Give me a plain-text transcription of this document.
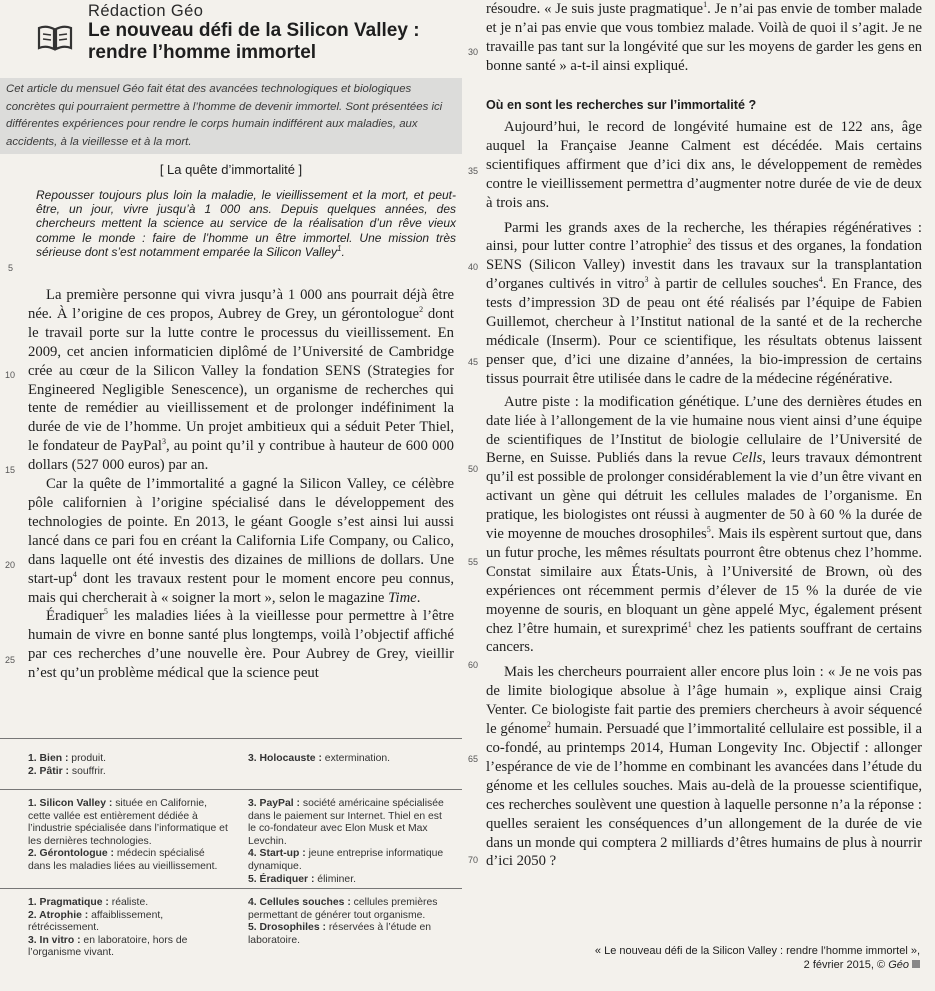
Rédaction Géo
Le nouveau défi de la Silicon Valley :
rendre l’homme immortel

Cet article du mensuel Géo fait état des avancées technologiques et biologiques concrètes qui pourraient permettre à l’homme de devenir immortel. Sont présentées ici différentes expériences pour rendre le corps humain indifférent aux maladies, aux accidents, à la vieillesse et à la mort.

[ La quête d’immortalité ]

Repousser toujours plus loin la maladie, le vieillissement et la mort, et peut-être, un jour, vivre jusqu’à 1 000 ans. Depuis quelques années, des chercheurs mettent la science au service de la réalisation d’un rêve vieux comme le monde : faire de l’homme un être immortel. Une mission très sérieuse dont s’est notamment emparée la Silicon Valley$^1$.

5
10
15
20
25
30
35
40
45
50
55
60
65
70

La première personne qui vivra jusqu’à 1 000 ans pourrait déjà être née. À l’origine de ces propos, Aubrey de Grey, un gérontologue$^2$ dont le travail porte sur la lutte contre le processus du vieillissement. En 2009, cet ancien informaticien diplômé de l’Université de Cambridge crée au cœur de la Silicon Valley la fondation SENS (Strategies for Engineered Negligible Senescence), un organisme de recherches qui tente de remédier au vieillissement et de prolonger indéfiniment la durée de vie de l’homme. Un projet ambitieux qui a séduit Peter Thiel, le fondateur de PayPal$^3$, au point qu’il y contribue à hauteur de 600 000 dollars (527 000 euros) par an.

Car la quête de l’immortalité a gagné la Silicon Valley, ce célèbre pôle californien à l’origine spécialisé dans le développement des technologies de pointe. En 2013, le géant Google s’est ainsi lui aussi lancé dans ce pari fou en créant la California Life Company, ou Calico, dans laquelle ont été investis des dizaines de millions de dollars. Une start-$up^4$ dont les travaux restent pour le moment encore peu connus, mais qui chercherait à « soigner la mort », selon le magazine Time.

Éradiquer$^5$ les maladies liées à la vieillesse pour permettre à l’être humain de vivre en bonne santé plus longtemps, voilà l’objectif affiché par ces recherches d’une nouvelle ère. Pour Aubrey de Grey, vieillir n’est qu’un problème médical que la science peut

1. Bien : produit.
2. Pâtir : souffrir.
3. Holocauste : extermination.
1. Silicon Valley : située en Californie, cette vallée est entièrement dédiée à l’industrie spécialisée dans l’informatique et les dernières technologies.
2. Gérontologue : médecin spécialisé dans les maladies liées au vieillissement.
3. PayPal : société américaine spécialisée dans le paiement sur Internet. Thiel en est le co-fondateur avec Elon Musk et Max Levchin.
4. Start-up : jeune entreprise informatique dynamique.
5. Éradiquer : éliminer.
1. Pragmatique : réaliste.
2. Atrophie : affaiblissement, rétrécissement.
3. In vitro : en laboratoire, hors de l’organisme vivant.
4. Cellules souches : cellules premières permettant de générer tout organisme.
5. Drosophiles : réservées à l’étude en laboratoire.

résoudre. « Je suis juste pragmatique$^1$. Je n’ai pas envie de tomber malade et je n’ai pas envie que vous tombiez malade. Voilà de quoi il s’agit. Je ne travaille pas tant sur la longévité que sur les moyens de garder les gens en bonne santé » a-t-il ainsi expliqué.

Où en sont les recherches sur l’immortalité ?

Aujourd’hui, le record de longévité humaine est de 122 ans, âge auquel la Française Jeanne Calment est décédée. Mais certains scientifiques affirment que d’ici dix ans, le développement de remèdes contre le vieillissement permettra d’augmenter notre durée de vie de deux à trois ans.

Parmi les grands axes de la recherche, les thérapies régénératives : ainsi, pour lutter contre l’atrophie$^2$ des tissus et des organes, la fondation SENS (Silicon Valley) investit dans les travaux sur la transplantation d’organes cultivés in vitro$^3$ à partir de cellules souches$^4$. En France, des tests d’impression 3D de peau ont été réalisés par l’équipe de Fabien Guillemot, chercheur à l’Institut national de la santé et de la recherche médicale (Inserm). Pour ce scientifique, les résultats obtenus laissent penser que, d’ici une dizaine d’années, la bio-impression de certains tissus pourrait être utilisée dans le cadre de la médecine régénérative.

Autre piste : la modification génétique. L’une des dernières études en date liée à l’allongement de la vie humaine nous vient ainsi d’une équipe de scientifiques de l’Institut de biologie cellulaire de l’Université de Berne, en Suisse. Publiés dans la revue Cells, leurs travaux démontrent qu’il est possible de prolonger considérablement la vie d’un être vivant en activant un gène qui détruit les cellules malades de l’organisme. En pratique, les biologistes ont réussi à augmenter de 50 à 60 % la durée de vie moyenne de mouches drosophiles$^5$. Mais ils espèrent surtout que, dans un futur proche, les mêmes résultats pourront être obtenus chez l’homme. Constat similaire aux États-Unis, à l’Université de Brown, où des expériences ont récemment permis d’élever de 15 % la durée de vie moyenne de souris, en bloquant un gène appelé Myc, également présent chez l’être humain, et surexprimé$^1$ chez les patients souffrant de certains cancers.

Mais les chercheurs pourraient aller encore plus loin : « Je ne vois pas de limite biologique absolue à l’âge humain », explique ainsi Craig Venter. Ce biologiste fait partie des premiers chercheurs à avoir séquencé le génome$^2$ humain. Persuadé que l’immortalité cellulaire est possible, il a co-fondé, au printemps 2014, Human Longevity Inc. Objectif : allonger l’espérance de vie de l’homme en combinant les avancées dans l’étude du génome et les cellules souches. Mais au-delà de la prouesse scientifique, ces recherches soulèvent une question à laquelle personne n’a la réponse : quelles seraient les conséquences d’un allongement de la durée de vie dans un monde qui comptera 2 milliards d’êtres humains de plus à nourrir d’ici 2050 ?

« Le nouveau défi de la Silicon Valley : rendre l’homme immortel »,
2 février 2015, © Géo
